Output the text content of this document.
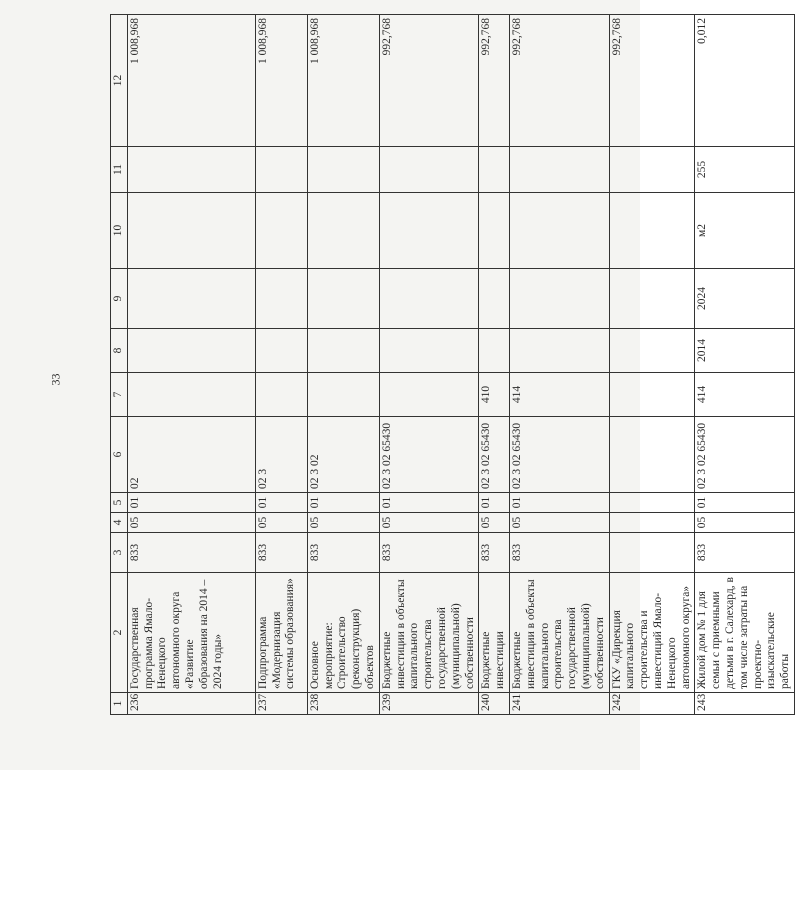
33
1	2	3	4	5	6	7	8	9	10	11	12
236	Государственная программа Ямало-Ненецкого автономного округа «Развитие образования на 2014 – 2024 годы»	833	05	01	02						1 008,968
237	Подпрограмма «Модернизация системы образования»	833	05	01	02 3						1 008,968
238	Основное мероприятие: Строительство (реконструкция) объектов	833	05	01	02 3 02						1 008,968
239	Бюджетные инвестиции в объекты капитального строительства государственной (муниципальной) собственности	833	05	01	02 3 02 65430						992,768
240	Бюджетные инвестиции	833	05	01	02 3 02 65430	410					992,768
241	Бюджетные инвестиции в объекты капитального строительства государственной (муниципальной) собственности	833	05	01	02 3 02 65430	414					992,768
242	ГКУ «Дирекция капитального строительства и инвестиций Ямало-Ненецкого автономного округа»										992,768
243	Жилой дом № 1 для семьи с приемными детьми в г. Салехард, в том числе затраты на проектно-изыскательские работы	833	05	01	02 3 02 65430	414	2014	2024	м2	255	0,012
